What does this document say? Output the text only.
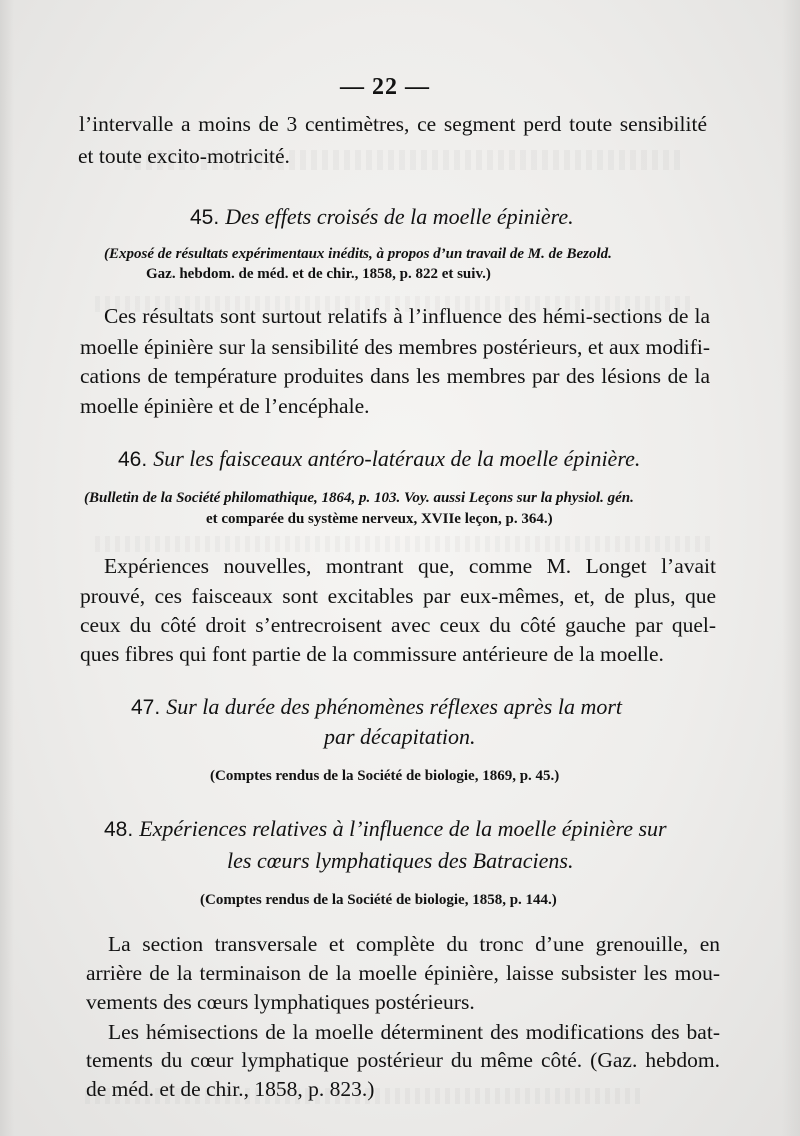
— 22 —
l’intervalle a moins de 3 centimètres, ce segment perd toute sensibilité
et toute excito-motricité.
45. Des effets croisés de la moelle épinière.
(Exposé de résultats expérimentaux inédits, à propos d’un travail de M. de Bezold.
Gaz. hebdom. de méd. et de chir., 1858, p. 822 et suiv.)
Ces résultats sont surtout relatifs à l’influence des hémi-sections de la
moelle épinière sur la sensibilité des membres postérieurs, et aux modifi-
cations de température produites dans les membres par des lésions de la
moelle épinière et de l’encéphale.
46. Sur les faisceaux antéro-latéraux de la moelle épinière.
(Bulletin de la Société philomathique, 1864, p. 103. Voy. aussi Leçons sur la physiol. gén.
et comparée du système nerveux, XVIIe leçon, p. 364.)
Expériences nouvelles, montrant que, comme M. Longet l’avait
prouvé, ces faisceaux sont excitables par eux-mêmes, et, de plus, que
ceux du côté droit s’entrecroisent avec ceux du côté gauche par quel-
ques fibres qui font partie de la commissure antérieure de la moelle.
47. Sur la durée des phénomènes réflexes après la mort
par décapitation.
(Comptes rendus de la Société de biologie, 1869, p. 45.)
48. Expériences relatives à l’influence de la moelle épinière sur
les cœurs lymphatiques des Batraciens.
(Comptes rendus de la Société de biologie, 1858, p. 144.)
La section transversale et complète du tronc d’une grenouille, en
arrière de la terminaison de la moelle épinière, laisse subsister les mou-
vements des cœurs lymphatiques postérieurs.
Les hémisections de la moelle déterminent des modifications des bat-
tements du cœur lymphatique postérieur du même côté. (Gaz. hebdom.
de méd. et de chir., 1858, p. 823.)
